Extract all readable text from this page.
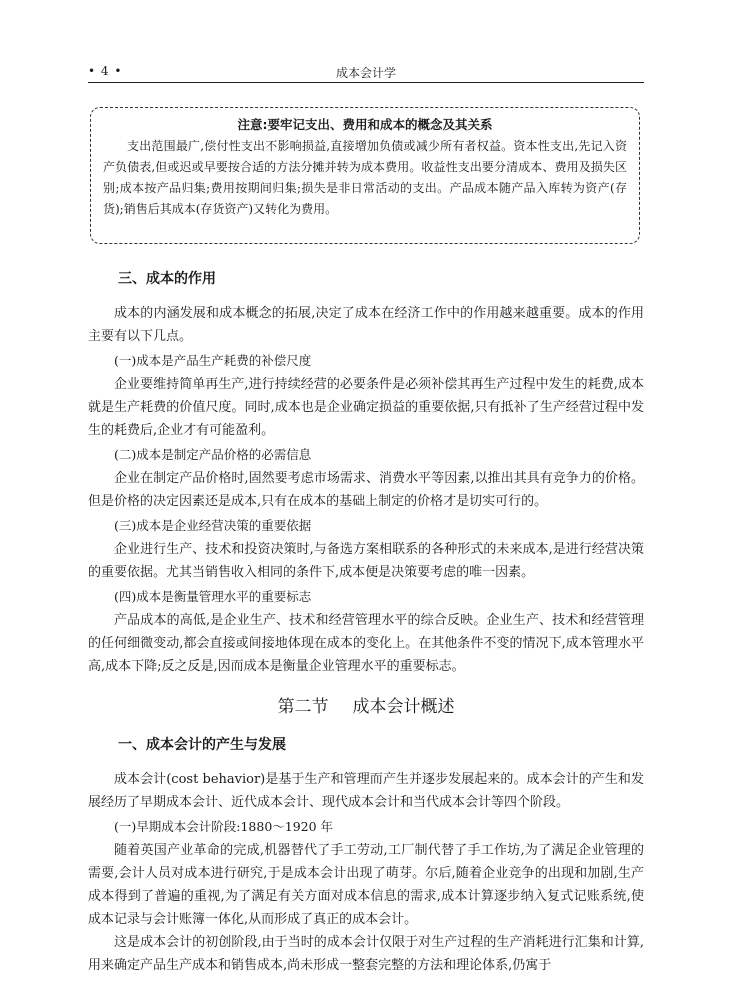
• 4 •	成本会计学
注意:要牢记支出、费用和成本的概念及其关系

支出范围最广,偿付性支出不影响损益,直接增加负债或减少所有者权益。资本性支出,先记入资产负债表,但或迟或早要按合适的方法分摊并转为成本费用。收益性支出要分清成本、费用及损失区别;成本按产品归集;费用按期间归集;损失是非日常活动的支出。产品成本随产品入库转为资产(存货);销售后其成本(存货资产)又转化为费用。

三、成本的作用

成本的内涵发展和成本概念的拓展,决定了成本在经济工作中的作用越来越重要。成本的作用主要有以下几点。

(一)成本是产品生产耗费的补偿尺度

企业要维持简单再生产,进行持续经营的必要条件是必须补偿其再生产过程中发生的耗费,成本就是生产耗费的价值尺度。同时,成本也是企业确定损益的重要依据,只有抵补了生产经营过程中发生的耗费后,企业才有可能盈利。

(二)成本是制定产品价格的必需信息

企业在制定产品价格时,固然要考虑市场需求、消费水平等因素,以推出其具有竞争力的价格。但是价格的决定因素还是成本,只有在成本的基础上制定的价格才是切实可行的。

(三)成本是企业经营决策的重要依据

企业进行生产、技术和投资决策时,与备选方案相联系的各种形式的未来成本,是进行经营决策的重要依据。尤其当销售收入相同的条件下,成本便是决策要考虑的唯一因素。

(四)成本是衡量管理水平的重要标志

产品成本的高低,是企业生产、技术和经营管理水平的综合反映。企业生产、技术和经营管理的任何细微变动,都会直接或间接地体现在成本的变化上。在其他条件不变的情况下,成本管理水平高,成本下降;反之反是,因而成本是衡量企业管理水平的重要标志。

第二节 成本会计概述
一、成本会计的产生与发展

成本会计(cost behavior)是基于生产和管理而产生并逐步发展起来的。成本会计的产生和发展经历了早期成本会计、近代成本会计、现代成本会计和当代成本会计等四个阶段。

(一)早期成本会计阶段:1880～1920 年

随着英国产业革命的完成,机器替代了手工劳动,工厂制代替了手工作坊,为了满足企业管理的需要,会计人员对成本进行研究,于是成本会计出现了萌芽。尔后,随着企业竞争的出现和加剧,生产成本得到了普遍的重视,为了满足有关方面对成本信息的需求,成本计算逐步纳入复式记账系统,使成本记录与会计账簿一体化,从而形成了真正的成本会计。

这是成本会计的初创阶段,由于当时的成本会计仅限于对生产过程的生产消耗进行汇集和计算,用来确定产品生产成本和销售成本,尚未形成一整套完整的方法和理论体系,仍寓于
